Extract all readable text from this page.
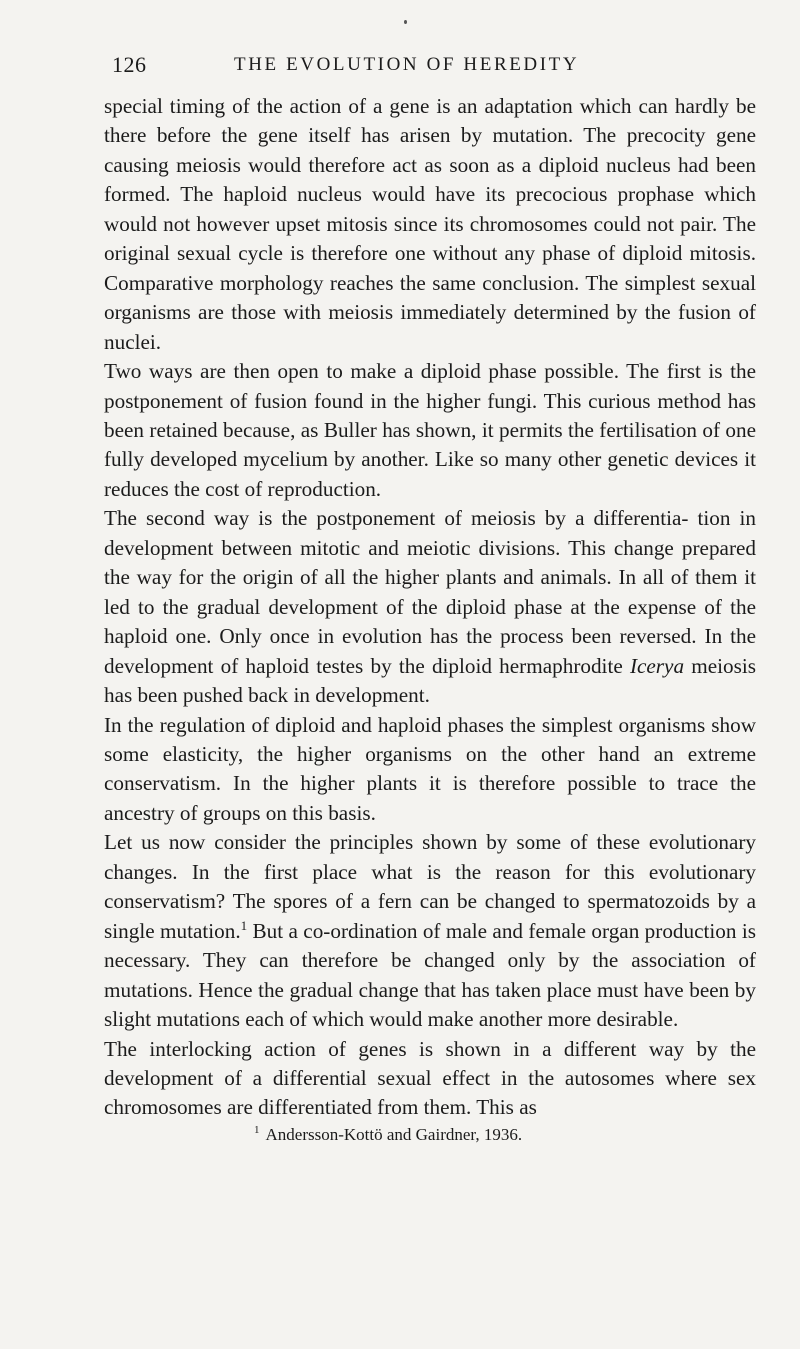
126	THE EVOLUTION OF HEREDITY

special timing of the action of a gene is an adaptation which can hardly be there before the gene itself has arisen by mutation. The precocity gene causing meiosis would therefore act as soon as a diploid nucleus had been formed. The haploid nucleus would have its precocious prophase which would not however upset mitosis since its chromosomes could not pair. The original sexual cycle is therefore one without any phase of diploid mitosis. Comparative morphology reaches the same conclusion. The simplest sexual organisms are those with meiosis immediately determined by the fusion of nuclei.

Two ways are then open to make a diploid phase possible. The first is the postponement of fusion found in the higher fungi. This curious method has been retained because, as Buller has shown, it permits the fertilisation of one fully developed mycelium by another. Like so many other genetic devices it reduces the cost of reproduction.

The second way is the postponement of meiosis by a differentia- tion in development between mitotic and meiotic divisions. This change prepared the way for the origin of all the higher plants and animals. In all of them it led to the gradual development of the diploid phase at the expense of the haploid one. Only once in evolution has the process been reversed. In the development of haploid testes by the diploid hermaphrodite Icerya meiosis has been pushed back in development.

In the regulation of diploid and haploid phases the simplest organisms show some elasticity, the higher organisms on the other hand an extreme conservatism. In the higher plants it is therefore possible to trace the ancestry of groups on this basis.

Let us now consider the principles shown by some of these evolutionary changes. In the first place what is the reason for this evolutionary conservatism? The spores of a fern can be changed to spermatozoids by a single mutation.$^1$ But a co-ordination of male and female organ production is necessary. They can therefore be changed only by the association of mutations. Hence the gradual change that has taken place must have been by slight mutations each of which would make another more desirable.

The interlocking action of genes is shown in a different way by the development of a differential sexual effect in the autosomes where sex chromosomes are differentiated from them. This as

$^1$ Andersson-Kottö and Gairdner, 1936.
